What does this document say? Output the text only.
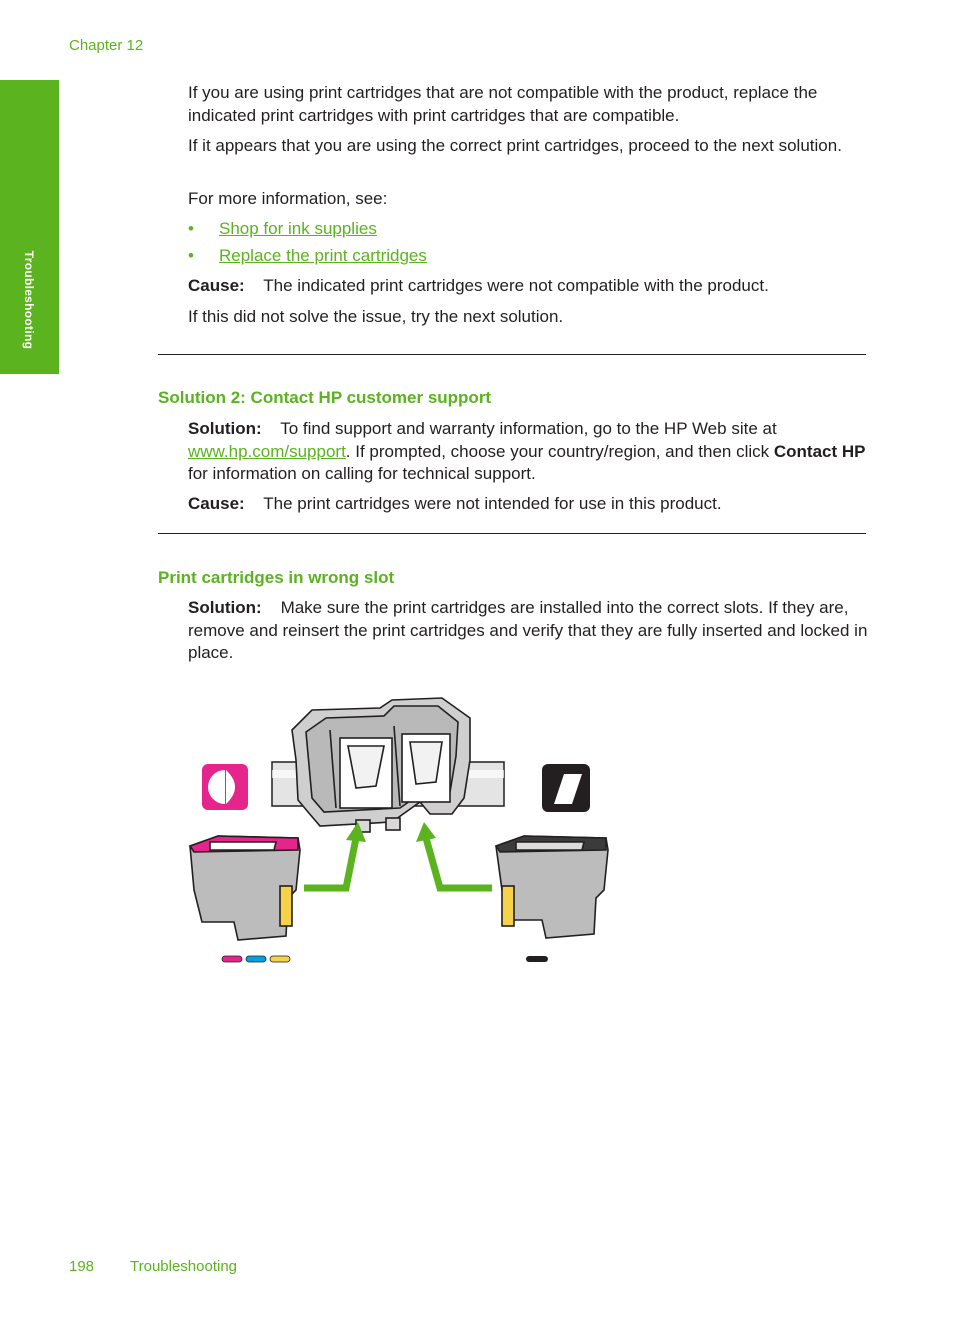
Chapter 12
Troubleshooting

If you are using print cartridges that are not compatible with the product, replace the indicated print cartridges with print cartridges that are compatible.

If it appears that you are using the correct print cartridges, proceed to the next solution.

For more information, see:

• Shop for ink supplies
• Replace the print cartridges

Cause: The indicated print cartridges were not compatible with the product.

If this did not solve the issue, try the next solution.

Solution 2: Contact HP customer support

Solution: To find support and warranty information, go to the HP Web site at www.hp.com/support. If prompted, choose your country/region, and then click Contact HP for information on calling for technical support.

Cause: The print cartridges were not intended for use in this product.

Print cartridges in wrong slot

Solution: Make sure the print cartridges are installed into the correct slots. If they are, remove and reinsert the print cartridges and verify that they are fully inserted and locked in place.

198 Troubleshooting
